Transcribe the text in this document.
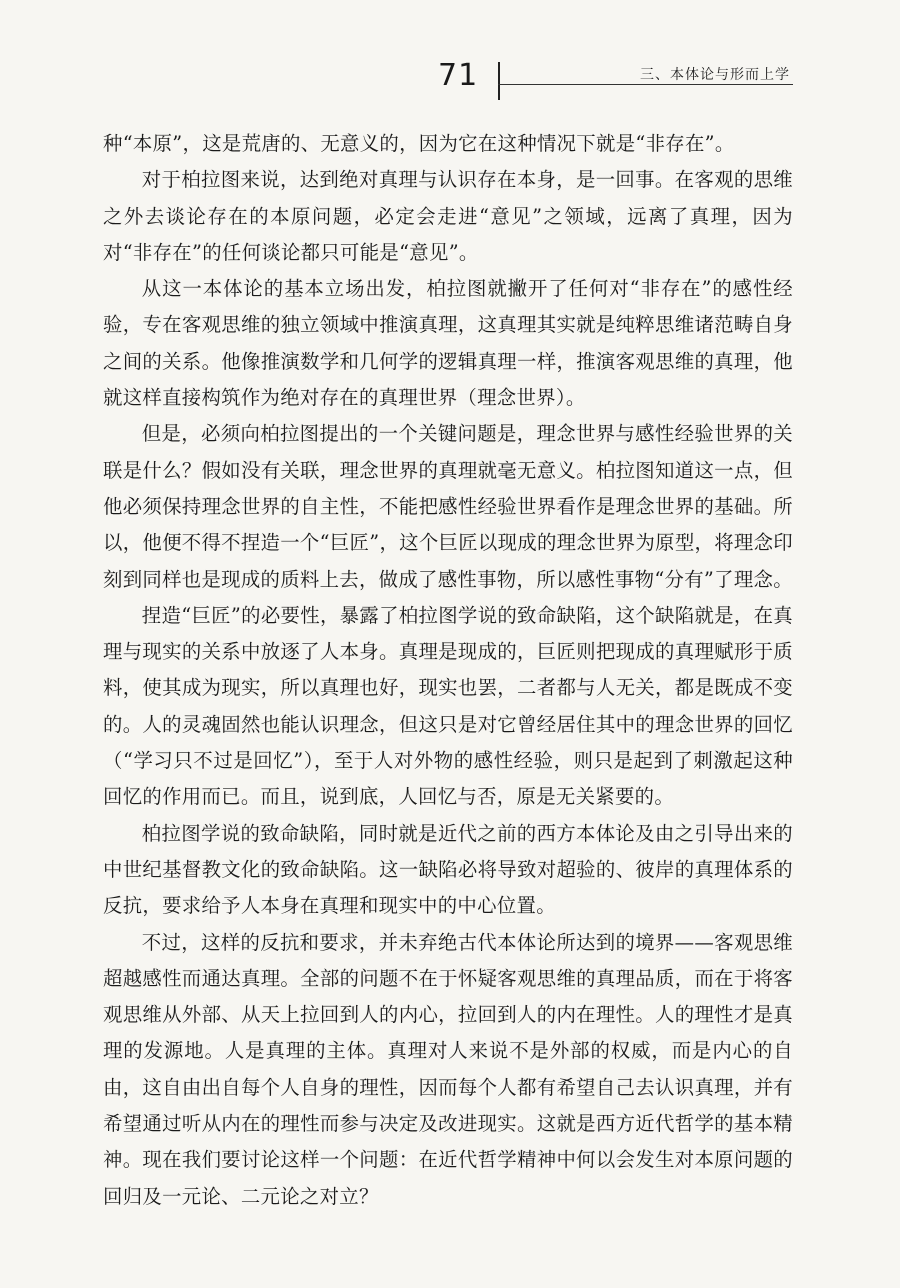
71	三、本体论与形而上学

种“本原”，这是荒唐的、无意义的，因为它在这种情况下就是“非存在”。

对于柏拉图来说，达到绝对真理与认识存在本身，是一回事。在客观的思维之外去谈论存在的本原问题，必定会走进“意见”之领域，远离了真理，因为对“非存在”的任何谈论都只可能是“意见”。

从这一本体论的基本立场出发，柏拉图就撇开了任何对“非存在”的感性经验，专在客观思维的独立领域中推演真理，这真理其实就是纯粹思维诸范畴自身之间的关系。他像推演数学和几何学的逻辑真理一样，推演客观思维的真理，他就这样直接构筑作为绝对存在的真理世界（理念世界）。

但是，必须向柏拉图提出的一个关键问题是，理念世界与感性经验世界的关联是什么？假如没有关联，理念世界的真理就毫无意义。柏拉图知道这一点，但他必须保持理念世界的自主性，不能把感性经验世界看作是理念世界的基础。所以，他便不得不捏造一个“巨匠”，这个巨匠以现成的理念世界为原型，将理念印刻到同样也是现成的质料上去，做成了感性事物，所以感性事物“分有”了理念。

捏造“巨匠”的必要性，暴露了柏拉图学说的致命缺陷，这个缺陷就是，在真理与现实的关系中放逐了人本身。真理是现成的，巨匠则把现成的真理赋形于质料，使其成为现实，所以真理也好，现实也罢，二者都与人无关，都是既成不变的。人的灵魂固然也能认识理念，但这只是对它曾经居住其中的理念世界的回忆（“学习只不过是回忆”），至于人对外物的感性经验，则只是起到了刺激起这种回忆的作用而已。而且，说到底，人回忆与否，原是无关紧要的。

柏拉图学说的致命缺陷，同时就是近代之前的西方本体论及由之引导出来的中世纪基督教文化的致命缺陷。这一缺陷必将导致对超验的、彼岸的真理体系的反抗，要求给予人本身在真理和现实中的中心位置。

不过，这样的反抗和要求，并未弃绝古代本体论所达到的境界——客观思维超越感性而通达真理。全部的问题不在于怀疑客观思维的真理品质，而在于将客观思维从外部、从天上拉回到人的内心，拉回到人的内在理性。人的理性才是真理的发源地。人是真理的主体。真理对人来说不是外部的权威，而是内心的自由，这自由出自每个人自身的理性，因而每个人都有希望自己去认识真理，并有希望通过听从内在的理性而参与决定及改进现实。这就是西方近代哲学的基本精神。现在我们要讨论这样一个问题：在近代哲学精神中何以会发生对本原问题的回归及一元论、二元论之对立？
